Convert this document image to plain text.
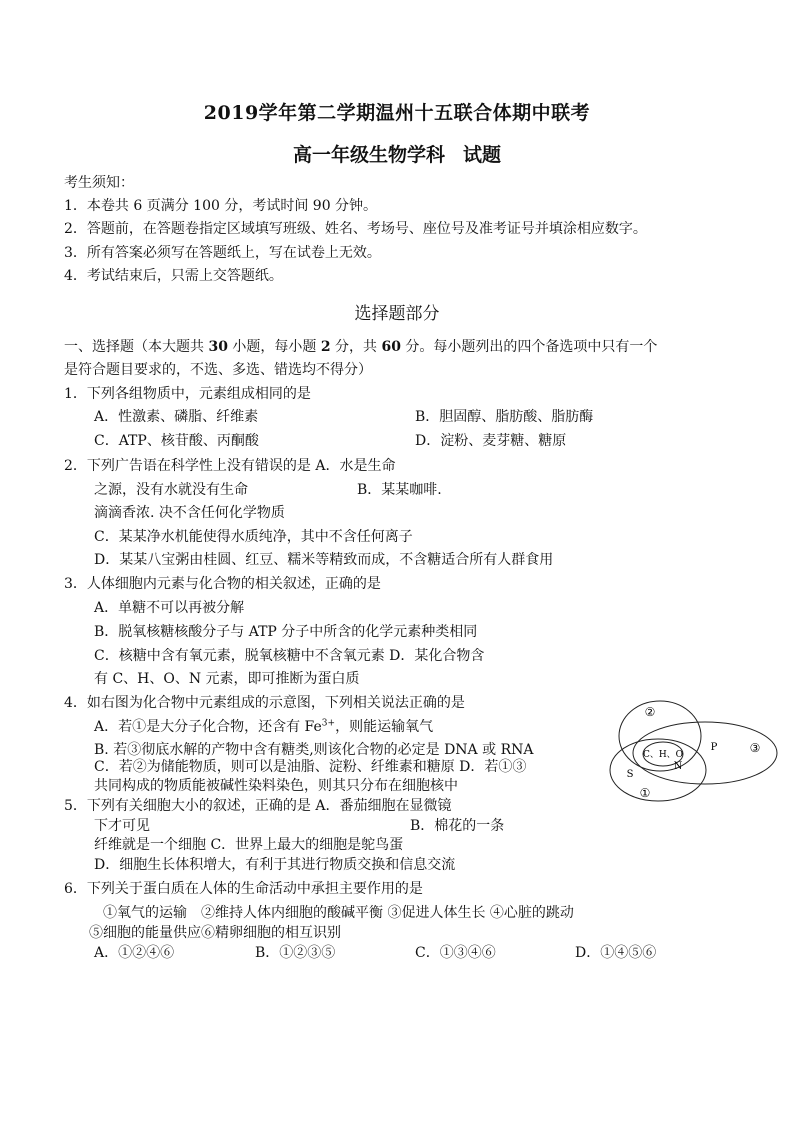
2019学年第二学期温州十五联合体期中联考
高一年级生物学科 试题
考生须知：
1．本卷共 6 页满分 100 分，考试时间 90 分钟。
2．答题前，在答题卷指定区域填写班级、姓名、考场号、座位号及准考证号并填涂相应数字。
3．所有答案必须写在答题纸上，写在试卷上无效。
4．考试结束后，只需上交答题纸。
选择题部分
一、选择题（本大题共 30 小题，每小题 2 分，共 60 分。每小题列出的四个备选项中只有一个
是符合题目要求的，不选、多选、错选均不得分）
1．下列各组物质中，元素组成相同的是
A．性激素、磷脂、纤维素	B．胆固醇、脂肪酸、脂肪酶
C．ATP、核苷酸、丙酮酸	D．淀粉、麦芽糖、糖原
2．下列广告语在科学性上没有错误的是 A．水是生命
之源，没有水就没有生命	B．某某咖啡.
滴滴香浓. 决不含任何化学物质
C．某某净水机能使得水质纯净，其中不含任何离子
D．某某八宝粥由桂圆、红豆、糯米等精致而成，不含糖适合所有人群食用
3．人体细胞内元素与化合物的相关叙述，正确的是
A．单糖不可以再被分解
B．脱氧核糖核酸分子与 ATP 分子中所含的化学元素种类相同
C．核糖中含有氧元素，脱氧核糖中不含氧元素 D．某化合物含
有 C、H、O、N 元素，即可推断为蛋白质
4．如右图为化合物中元素组成的示意图，下列相关说法正确的是
A．若①是大分子化合物，还含有 $Fe^{3+}$，则能运输氧气
B. 若③彻底水解的产物中含有糖类,则该化合物的必定是 DNA 或 RNA
C．若②为储能物质，则可以是油脂、淀粉、纤维素和糖原 D．若①③
共同构成的物质能被碱性染料染色，则其只分布在细胞核中
C、H、O
N
P
S
②
③
①
5．下列有关细胞大小的叙述，正确的是 A．番茄细胞在显微镜
下才可见	B．棉花的一条
纤维就是一个细胞 C．世界上最大的细胞是鸵鸟蛋
D．细胞生长体积增大，有利于其进行物质交换和信息交流
6．下列关于蛋白质在人体的生命活动中承担主要作用的是
①氧气的运输　②维持人体内细胞的酸碱平衡 ③促进人体生长 ④心脏的跳动
⑤细胞的能量供应⑥精卵细胞的相互识别
A．①②④⑥	B．①②③⑤	C．①③④⑥	D．①④⑤⑥
